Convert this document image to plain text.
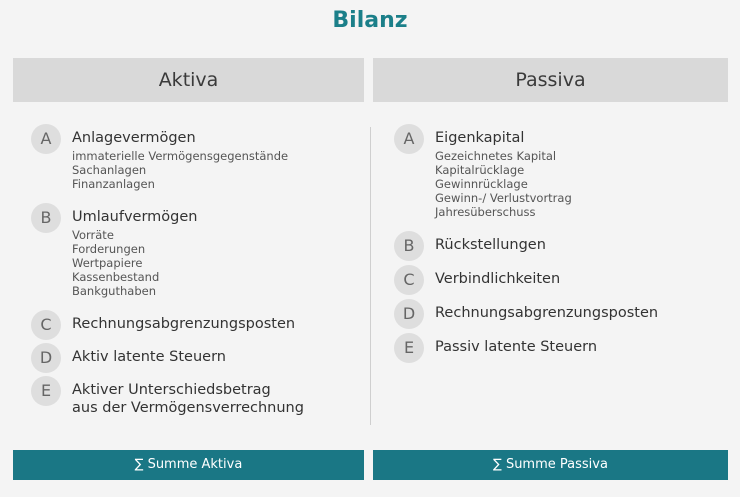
Bilanz
Aktiva	Passiva
A	Anlagevermögen
immaterielle Vermögensgegenstände
Sachanlagen
Finanzanlagen
B	Umlaufvermögen
Vorräte
Forderungen
Wertpapiere
Kassenbestand
Bankguthaben
C	Rechnungsabgrenzungsposten
D	Aktiv latente Steuern
E	Aktiver Unterschiedsbetrag
aus der Vermögensverrechnung
A	Eigenkapital
Gezeichnetes Kapital
Kapitalrücklage
Gewinnrücklage
Gewinn-/ Verlustvortrag
Jahresüberschuss
B	Rückstellungen
C	Verbindlichkeiten
D	Rechnungsabgrenzungsposten
E	Passiv latente Steuern
∑ Summe Aktiva	∑ Summe Passiva
